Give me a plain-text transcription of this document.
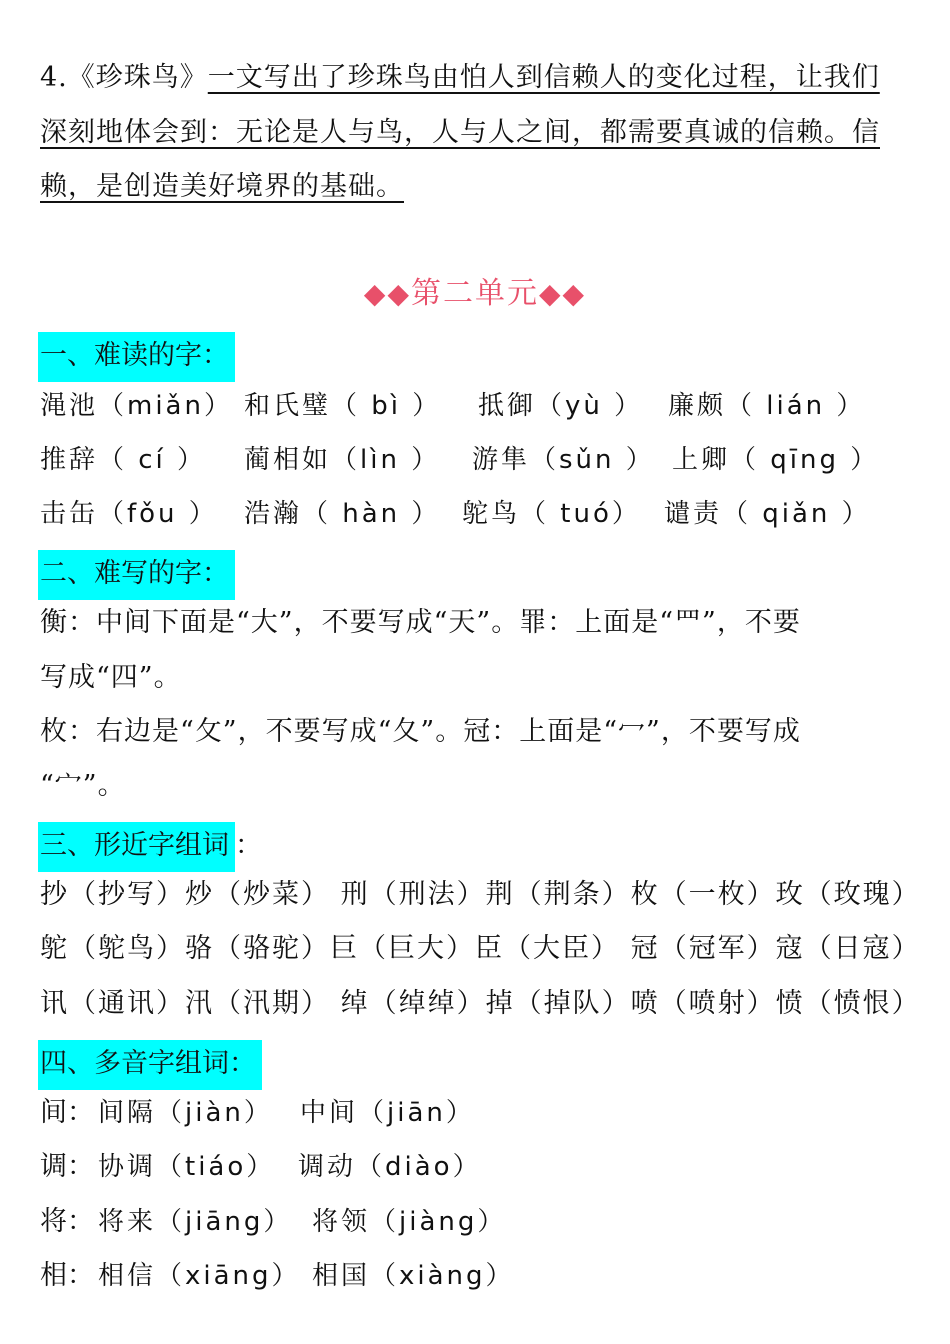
4.《珍珠鸟》一文写出了珍珠鸟由怕人到信赖人的变化过程，让我们
深刻地体会到：无论是人与鸟，人与人之间，都需要真诚的信赖。信
赖，是创造美好境界的基础。
◆◆第二单元◆◆
一、难读的字：
渑池（miǎn） 和氏璧（ bì ） 抵御（yù ） 廉颇（ lián ）
推辞（ cí ） 蔺相如（lìn ） 游隼（sǔn ） 上卿（ qīng ）
击缶（fǒu ） 浩瀚（ hàn ） 鸵鸟（ tuó） 谴责（ qiǎn ）
二、难写的字：
衡：中间下面是“大”，不要写成“天”。罪：上面是“罒”，不要
写成“四”。
枚：右边是“攵”，不要写成“夂”。冠：上面是“冖”，不要写成
“宀”。
三、形近字组词 ：
抄（抄写）炒（炒菜） 刑（刑法）荆（荆条）枚（一枚）玫（玫瑰）
鸵（鸵鸟）骆（骆驼）巨（巨大）臣（大臣） 冠（冠军）寇（日寇）
讯（通讯）汛（汛期） 绰（绰绰）掉（掉队）喷（喷射）愤（愤恨）
四、多音字组词：
间： 间隔（jiàn） 中间（jiān）
调： 协调（tiáo） 调动（diào）
将： 将来（jiāng） 将领（jiàng）
相： 相信（xiāng） 相国（xiàng）
